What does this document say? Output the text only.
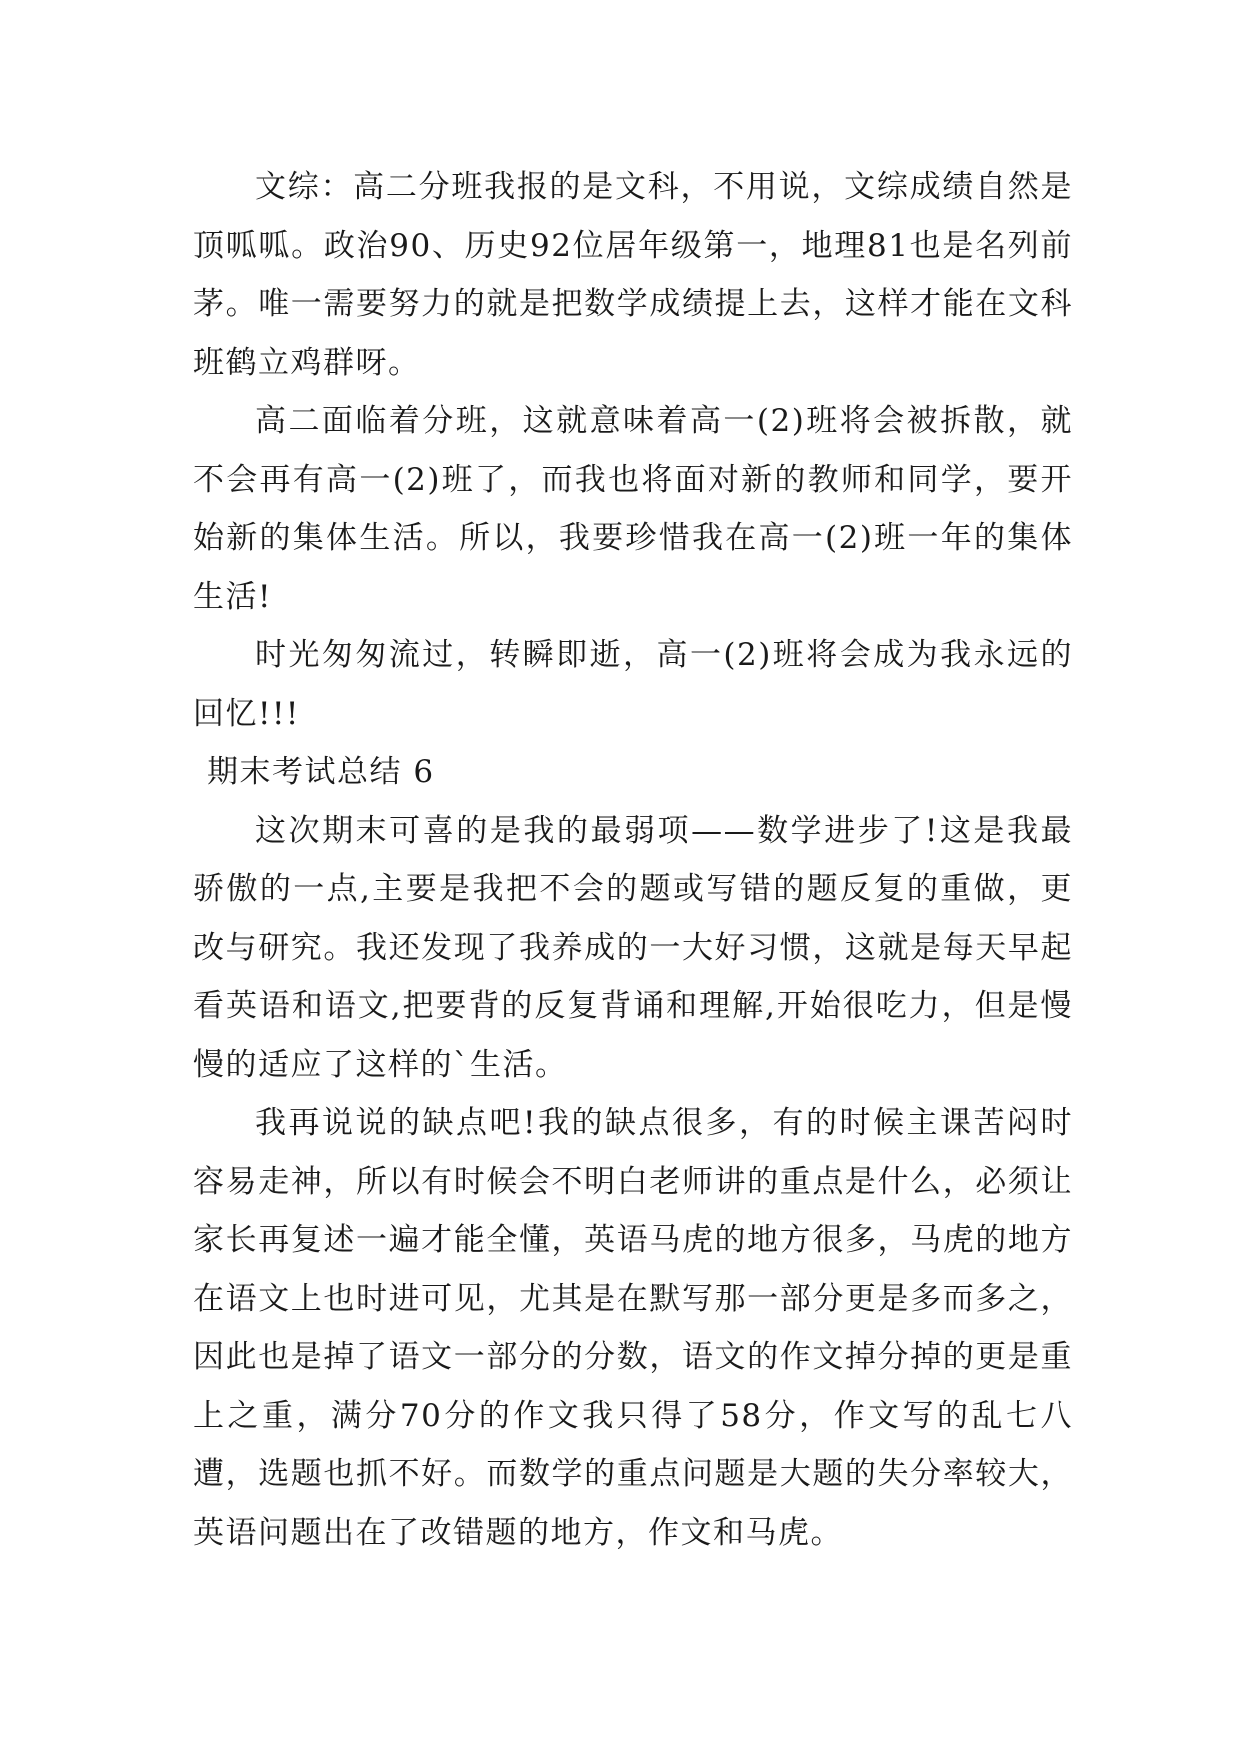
文综：高二分班我报的是文科，不用说，文综成绩自然是顶呱呱。政治90、历史92位居年级第一，地理81也是名列前茅。唯一需要努力的就是把数学成绩提上去，这样才能在文科班鹤立鸡群呀。

高二面临着分班，这就意味着高一(2)班将会被拆散，就不会再有高一(2)班了，而我也将面对新的教师和同学，要开始新的集体生活。所以，我要珍惜我在高一(2)班一年的集体生活!

时光匆匆流过，转瞬即逝，高一(2)班将会成为我永远的回忆!!!

期末考试总结 6

这次期末可喜的是我的最弱项——数学进步了!这是我最骄傲的一点,主要是我把不会的题或写错的题反复的重做，更改与研究。我还发现了我养成的一大好习惯，这就是每天早起看英语和语文,把要背的反复背诵和理解,开始很吃力，但是慢慢的适应了这样的`生活。

我再说说的缺点吧!我的缺点很多，有的时候主课苦闷时容易走神，所以有时候会不明白老师讲的重点是什么，必须让家长再复述一遍才能全懂，英语马虎的地方很多，马虎的地方在语文上也时进可见，尤其是在默写那一部分更是多而多之，因此也是掉了语文一部分的分数，语文的作文掉分掉的更是重上之重，满分70分的作文我只得了58分，作文写的乱七八遭，选题也抓不好。而数学的重点问题是大题的失分率较大，英语问题出在了改错题的地方，作文和马虎。
